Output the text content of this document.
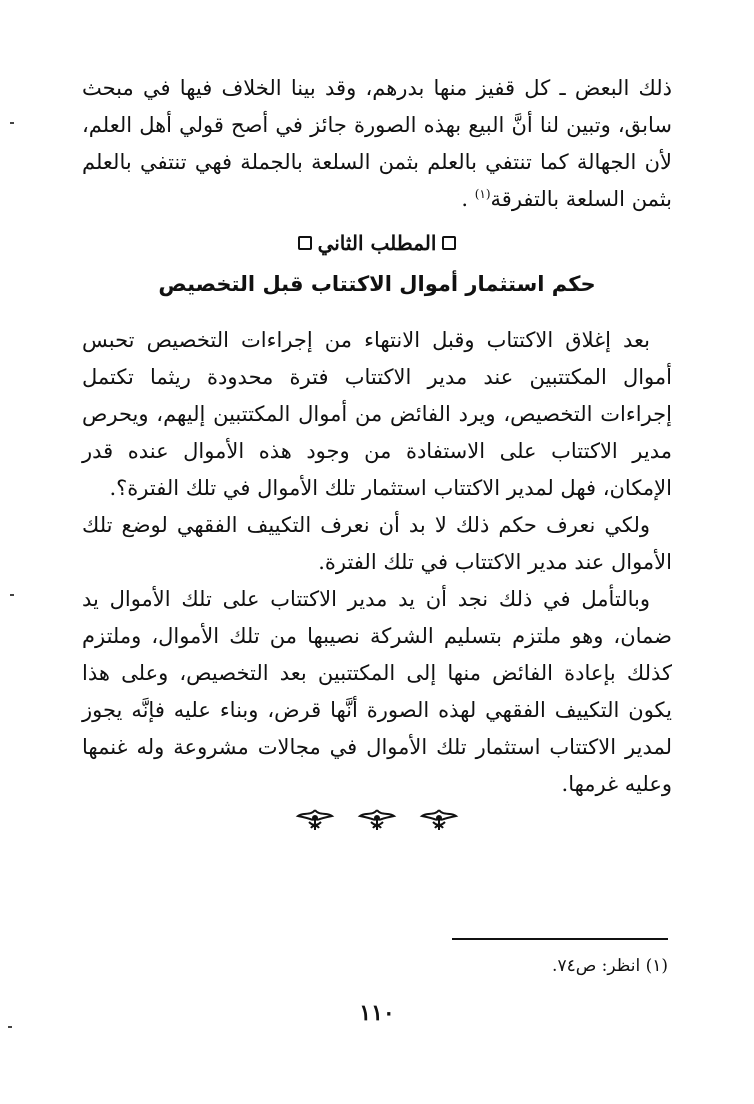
ذلك البعض ـ كل قفيز منها بدرهم، وقد بينا الخلاف فيها في مبحث سابق، وتبين لنا أنَّ البيع بهذه الصورة جائز في أصح قولي أهل العلم، لأن الجهالة كما تنتفي بالعلم بثمن السلعة بالجملة فهي تنتفي بالعلم بثمن السلعة بالتفرقة$^{(١)}$ .

المطلب الثاني
حكم استثمار أموال الاكتتاب قبل التخصيص

بعد إغلاق الاكتتاب وقبل الانتهاء من إجراءات التخصيص تحبس أموال المكتتبين عند مدير الاكتتاب فترة محدودة ريثما تكتمل إجراءات التخصيص، ويرد الفائض من أموال المكتتبين إليهم، ويحرص مدير الاكتتاب على الاستفادة من وجود هذه الأموال عنده قدر الإمكان، فهل لمدير الاكتتاب استثمار تلك الأموال في تلك الفترة؟.

ولكي نعرف حكم ذلك لا بد أن نعرف التكييف الفقهي لوضع تلك الأموال عند مدير الاكتتاب في تلك الفترة.

وبالتأمل في ذلك نجد أن يد مدير الاكتتاب على تلك الأموال يد ضمان، وهو ملتزم بتسليم الشركة نصيبها من تلك الأموال، وملتزم كذلك بإعادة الفائض منها إلى المكتتبين بعد التخصيص، وعلى هذا يكون التكييف الفقهي لهذه الصورة أنَّها قرض، وبناء عليه فإنَّه يجوز لمدير الاكتتاب استثمار تلك الأموال في مجالات مشروعة وله غنمها وعليه غرمها.

(١) انظر: ص٧٤.
١١٠
